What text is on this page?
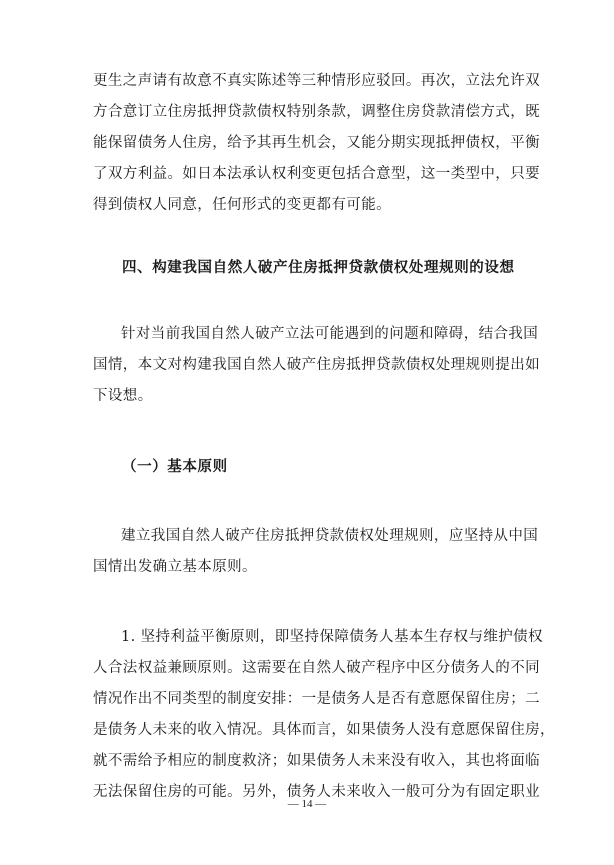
更生之声请有故意不真实陈述等三种情形应驳回。再次，立法允许双
方合意订立住房抵押贷款债权特别条款，调整住房贷款清偿方式，既
能保留债务人住房，给予其再生机会，又能分期实现抵押债权，平衡
了双方利益。如日本法承认权利变更包括合意型，这一类型中，只要
得到债权人同意，任何形式的变更都有可能。
四、构建我国自然人破产住房抵押贷款债权处理规则的设想
针对当前我国自然人破产立法可能遇到的问题和障碍，结合我国
国情，本文对构建我国自然人破产住房抵押贷款债权处理规则提出如
下设想。
（一）基本原则
建立我国自然人破产住房抵押贷款债权处理规则，应坚持从中国
国情出发确立基本原则。
1. 坚持利益平衡原则，即坚持保障债务人基本生存权与维护债权
人合法权益兼顾原则。这需要在自然人破产程序中区分债务人的不同
情况作出不同类型的制度安排：一是债务人是否有意愿保留住房；二
是债务人未来的收入情况。具体而言，如果债务人没有意愿保留住房，
就不需给予相应的制度救济；如果债务人未来没有收入，其也将面临
无法保留住房的可能。另外，债务人未来收入一般可分为有固定职业
— 14 —
